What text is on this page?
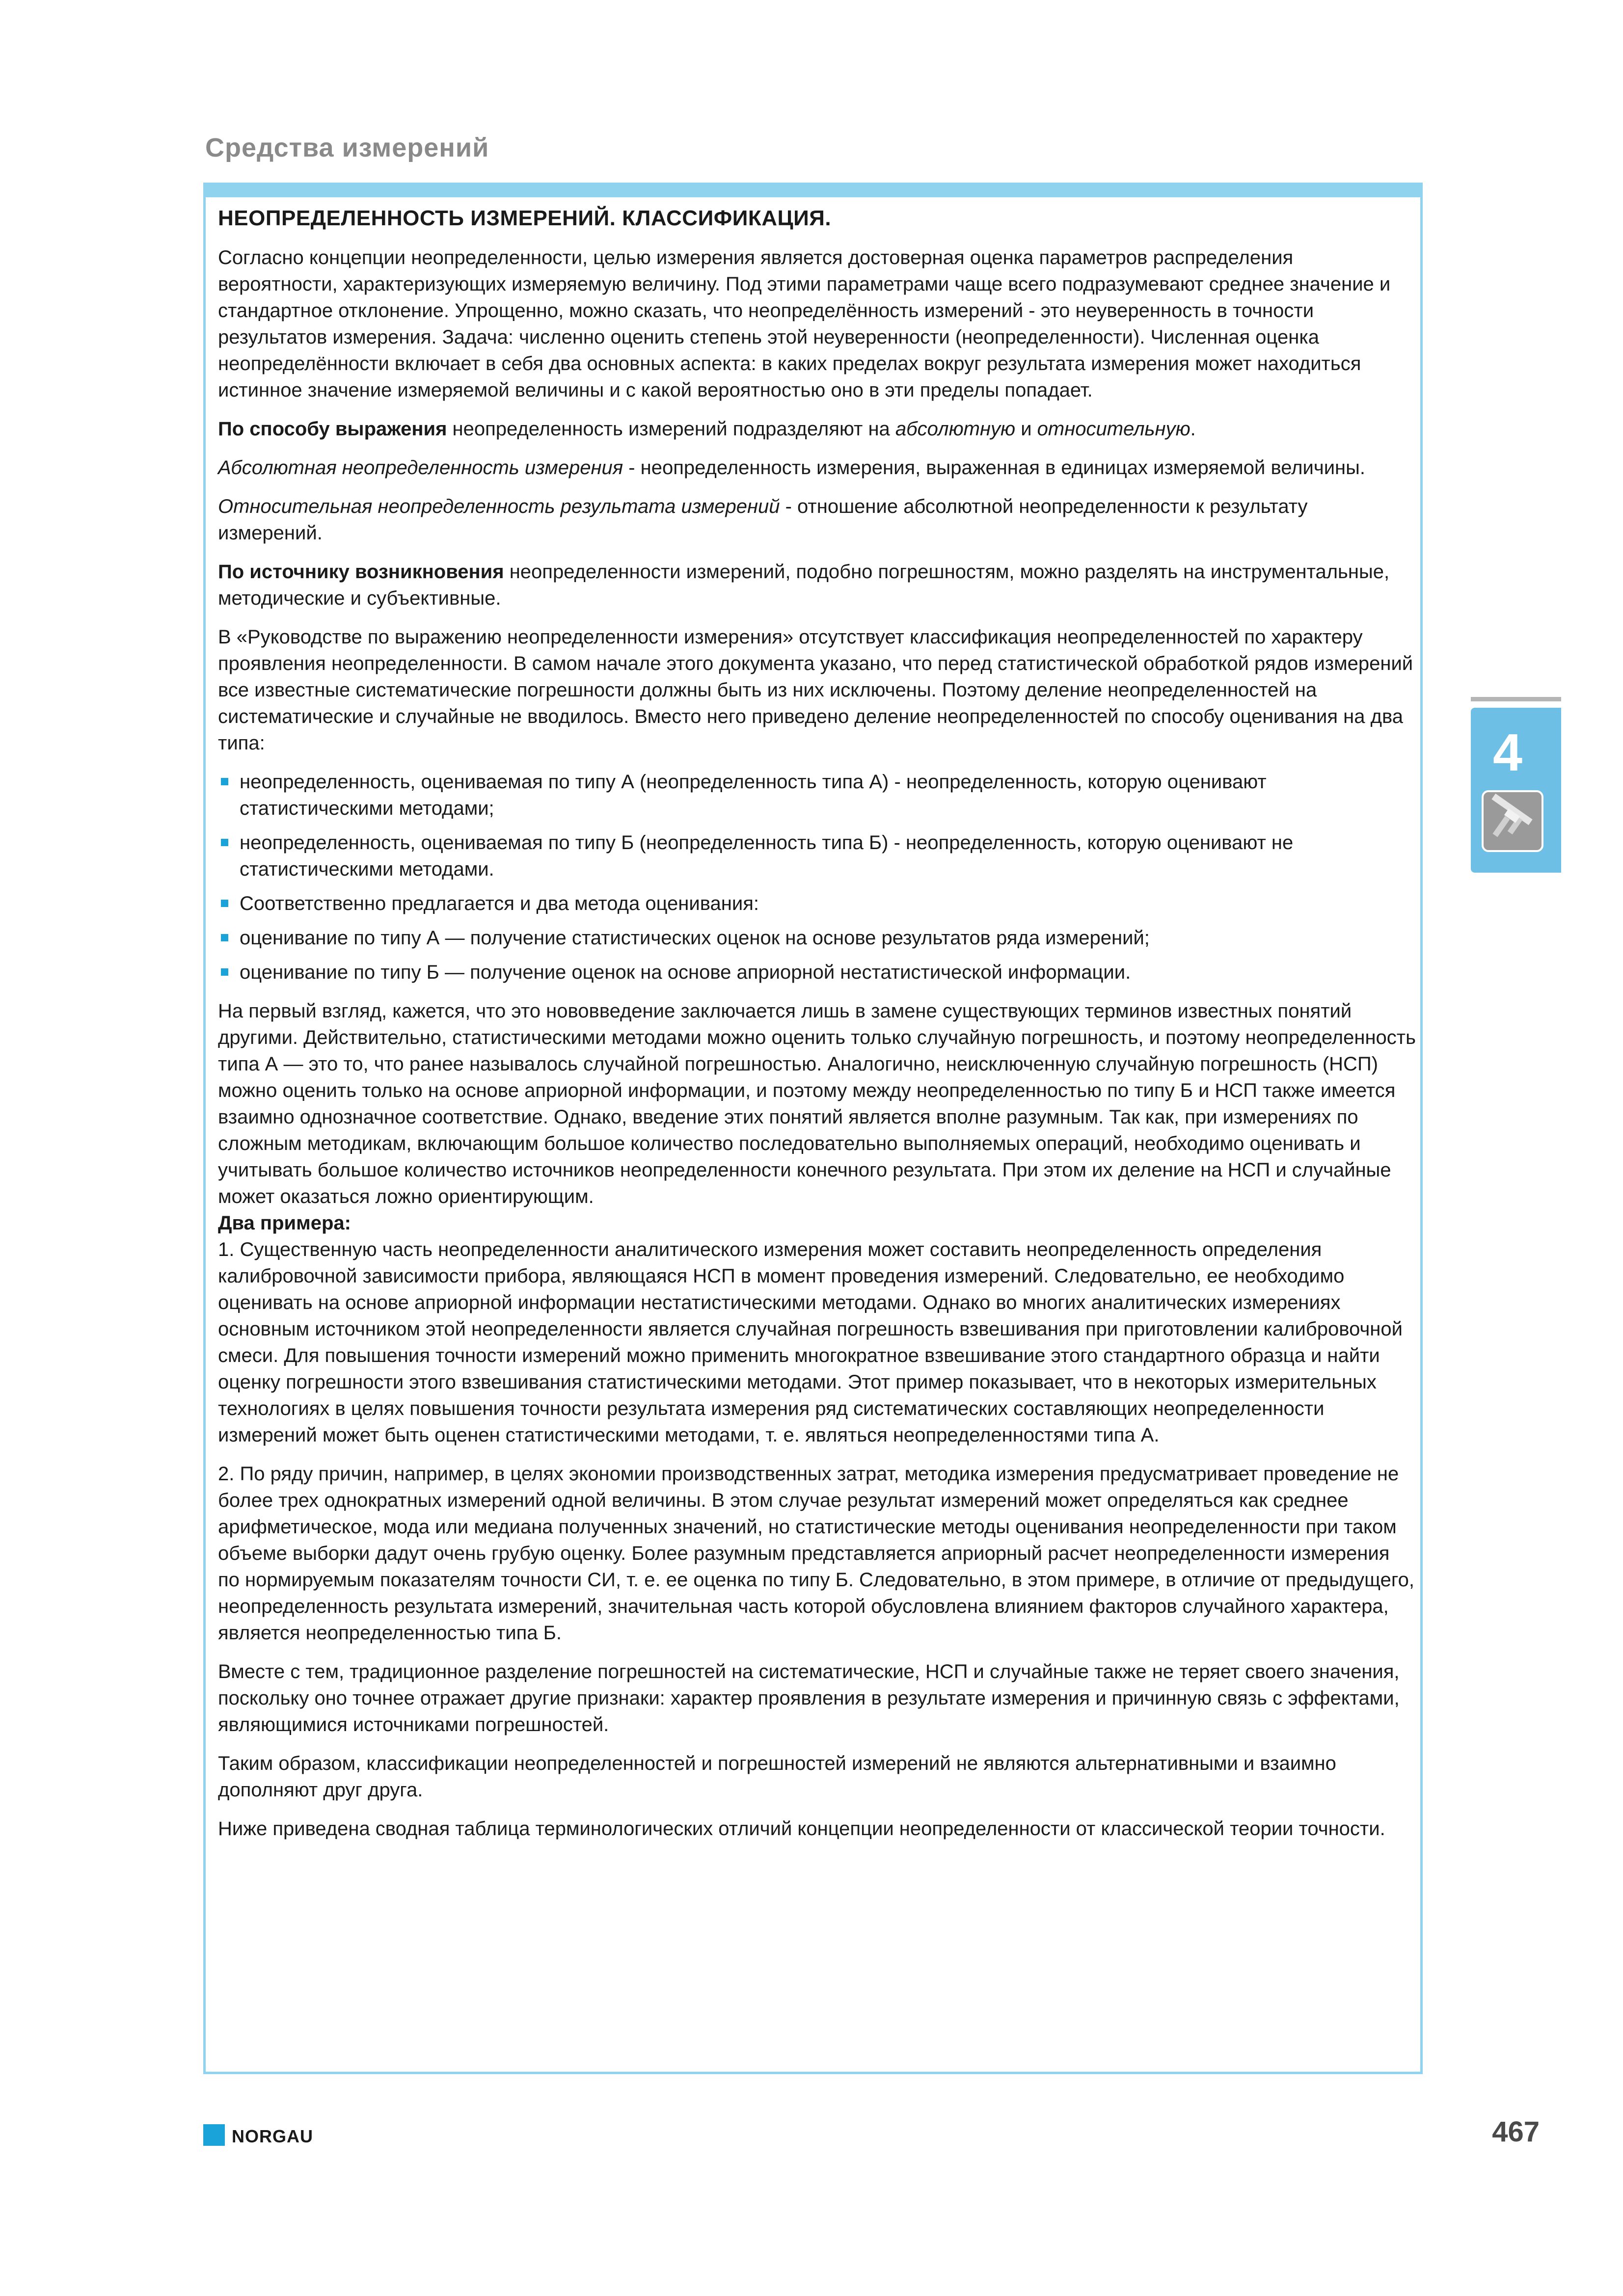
Средства измерений
НЕОПРЕДЕЛЕННОСТЬ ИЗМЕРЕНИЙ. КЛАССИФИКАЦИЯ.

Согласно концепции неопределенности, целью измерения является достоверная оценка параметров распределения вероятности, характеризующих измеряемую величину. Под этими параметрами чаще всего подразумевают среднее значение и стандартное отклонение. Упрощенно, можно сказать, что неопределённость измерений - это неуверенность в точности результатов измерения. Задача: численно оценить степень этой неуверенности (неопределенности). Численная оценка неопределённости включает в себя два основных аспекта: в каких пределах вокруг результата измерения может находиться истинное значение измеряемой величины и с какой вероятностью оно в эти пределы попадает.

По способу выражения неопределенность измерений подразделяют на абсолютную и относительную.

Абсолютная неопределенность измерения - неопределенность измерения, выраженная в единицах измеряемой величины.

Относительная неопределенность результата измерений - отношение абсолютной неопределенности к результату измерений.

По источнику возникновения неопределенности измерений, подобно погрешностям, можно разделять на инструментальные, методические и субъективные.

В «Руководстве по выражению неопределенности измерения» отсутствует классификация неопределенностей по характеру проявления неопределенности. В самом начале этого документа указано, что перед статистической обработкой рядов измерений все известные систематические погрешности должны быть из них исключены. Поэтому деление неопределенностей на систематические и случайные не вводилось. Вместо него приведено деление неопределенностей по способу оценивания на два типа:

неопределенность, оцениваемая по типу А (неопределенность типа А) - неопределенность, которую оценивают статистическими методами;
неопределенность, оцениваемая по типу Б (неопределенность типа Б) - неопределенность, которую оценивают не статистическими методами.
Соответственно предлагается и два метода оценивания:
оценивание по типу А — получение статистических оценок на основе результатов ряда измерений;
оценивание по типу Б — получение оценок на основе априорной нестатистической информации.

На первый взгляд, кажется, что это нововведение заключается лишь в замене существующих терминов известных понятий другими. Действительно, статистическими методами можно оценить только случайную погрешность, и поэтому неопределенность типа А — это то, что ранее называлось случайной погрешностью. Аналогично, неисключенную случайную погрешность (НСП) можно оценить только на основе априорной информации, и поэтому между неопределенностью по типу Б и НСП также имеется взаимно однозначное соответствие. Однако, введение этих понятий является вполне разумным. Так как, при измерениях по сложным методикам, включающим большое количество последовательно выполняемых операций, необходимо оценивать и учитывать большое количество источников неопределенности конечного результата. При этом их деление на НСП и случайные может оказаться ложно ориентирующим.

Два примера:

1. Существенную часть неопределенности аналитического измерения может составить неопределенность определения калибровочной зависимости прибора, являющаяся НСП в момент проведения измерений. Следовательно, ее необходимо оценивать на основе априорной информации нестатистическими методами. Однако во многих аналитических измерениях основным источником этой неопределенности является случайная погрешность взвешивания при приготовлении калибровочной смеси. Для повышения точности измерений можно применить многократное взвешивание этого стандартного образца и найти оценку погрешности этого взвешивания статистическими методами. Этот пример показывает, что в некоторых измерительных технологиях в целях повышения точности результата измерения ряд систематических составляющих неопределенности измерений может быть оценен статистическими методами, т. е. являться неопределенностями типа А.

2. По ряду причин, например, в целях экономии производственных затрат, методика измерения предусматривает проведение не более трех однократных измерений одной величины. В этом случае результат измерений может определяться как среднее арифметическое, мода или медиана полученных значений, но статистические методы оценивания неопределенности при таком объеме выборки дадут очень грубую оценку. Более разумным представляется априорный расчет неопределенности измерения по нормируемым показателям точности СИ, т. е. ее оценка по типу Б. Следовательно, в этом примере, в отличие от предыдущего, неопределенность результата измерений, значительная часть которой обусловлена влиянием факторов случайного характера, является неопределенностью типа Б.

Вместе с тем, традиционное разделение погрешностей на систематические, НСП и случайные также не теряет своего значения, поскольку оно точнее отражает другие признаки: характер проявления в результате измерения и причинную связь с эффектами, являющимися источниками погрешностей.

Таким образом, классификации неопределенностей и погрешностей измерений не являются альтернативными и взаимно дополняют друг друга.

Ниже приведена сводная таблица терминологических отличий концепции неопределенности от классической теории точности.

4
NORGAU	467
